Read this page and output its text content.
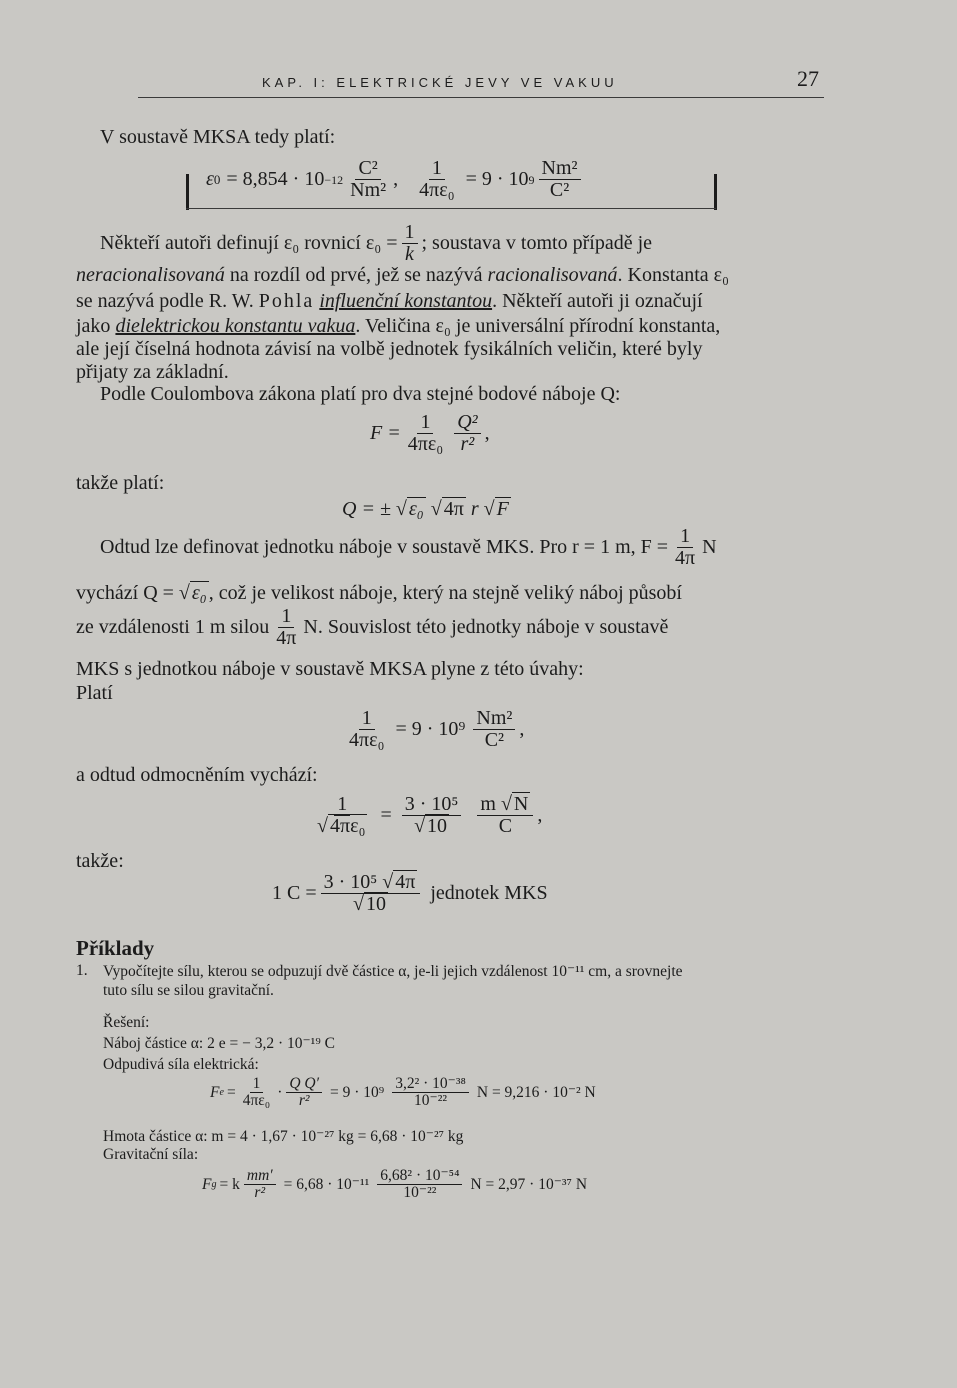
KAP. I: ELEKTRICKÉ JEVY VE VAKUU	27
V soustavě MKSA tedy platí:
ε $0 = 8,854 \cdot 10 -12 \frac{\text{C²}}{\text{Nm²}}$ , $\frac{1}{\text{4πε₀}} = 9 \cdot 10$ $9 \frac{\text{Nm²}}{\text{C²}}$
Někteří autoři definují ε₀ rovnicí $\varepsilon_0 = \frac{1}{k}$ ; soustava v tomto případě je
neracionalisovaná na rozdíl od prvé, jež se nazývá racionalisovaná. Konstanta ε₀
se nazývá podle R. W. Pohla influenční konstantou. Někteří autoři ji označují
jako dielektrickou konstantu vakua. Veličina ε₀ je universální přírodní konstanta,
ale její číselná hodnota závisí na volbě jednotek fysikálních veličin, které byly
přijaty za základní.
Podle Coulombova zákona platí pro dva stejné bodové náboje Q:
$F = \frac{1}{\text{4πε₀}} \frac{\text{Q²}}{\text{r²}}$ ,
takže platí:
Q = ± √ ε₀ √ 4π r √ F
Odtud lze definovat jednotku náboje v soustavě MKS. Pro r = 1 m, $F = \frac{1}{4\pi}$ N
vychází Q = √ ε₀ , což je velikost náboje, který na stejně veliký náboj působí
ze vzdálenosti 1 m silou $\frac{1}{4\pi} N$. Souvislost této jednotky náboje v soustavě
MKS s jednotkou náboje v soustavě MKSA plyne z této úvahy:
Platí
$\frac{1}{\text{4πε₀}} = 9 \cdot 10^9 \frac{\text{Nm²}}{\text{C²}}$ ,
a odtud odmocněním vychází:
$\frac{1}{\text{√ 4πε₀}} = \frac{\text{3 · 10⁵}}{√ 10} \frac{m √ N}{C}$ ,
takže:
1 $C = \frac{\text{3 · 10⁵ √ 4π}}{√ 10}$ jednotek MKS
Příklady
1. Vypočítejte sílu, kterou se odpuzují dvě částice α, je-li jejich vzdálenost 10⁻¹¹ cm, a srovnejte
tuto sílu se silou gravitační.
Řešení:
Náboj částice α: 2 e = − 3,2 · 10⁻¹⁹ C
Odpudivá síla elektrická:
F $e = \frac{1}{\text{4πε₀}} \cdot \frac{\text{Q Q′}}{\text{r²}} = 9 \cdot 10^9 \frac{\text{3,2² · 10⁻³⁸}}{\text{10⁻²²}}$ N = 9,216 · 10⁻² N
Hmota částice α: m = 4 · 1,67 · 10⁻²⁷ kg = 6,68 · 10⁻²⁷ kg
Gravitační síla:
F g = k $\frac{mm'}{\text{r²}} = 6,68 \cdot 10^{-11} \frac{\text{6,68² · 10⁻⁵⁴}}{\text{10⁻²²}}$ N = 2,97 · 10⁻³⁷ N
